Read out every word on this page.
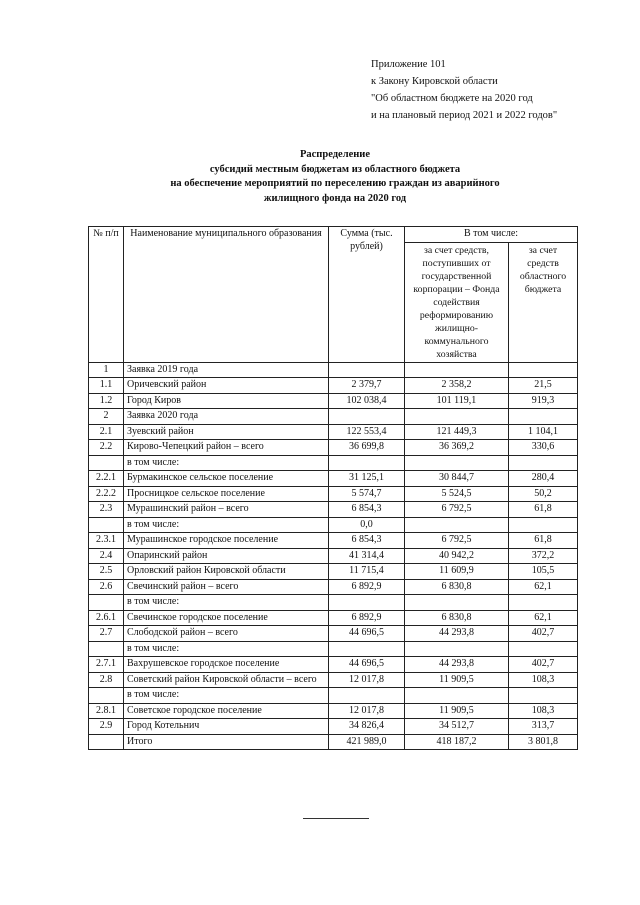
Приложение 101
к Закону Кировской области
"Об областном бюджете на 2020 год
и на плановый период 2021 и 2022 годов"
Распределение
субсидий местным бюджетам из областного бюджета
на обеспечение мероприятий по переселению граждан из аварийного
жилищного фонда на 2020 год
№ п/п	Наименование муниципального образования	Сумма (тыс. рублей)	В том числе:	
			за счет средств, поступивших от государственной корпорации – Фонда содействия реформированию жилищно-коммунального хозяйства	за счет средств областного бюджета
1	Заявка 2019 года			
1.1	Оричевский район	2 379,7	2 358,2	21,5
1.2	Город Киров	102 038,4	101 119,1	919,3
2	Заявка 2020 года			
2.1	Зуевский район	122 553,4	121 449,3	1 104,1
2.2	Кирово-Чепецкий район – всего	36 699,8	36 369,2	330,6
	в том числе:			
2.2.1	Бурмакинское сельское поселение	31 125,1	30 844,7	280,4
2.2.2	Просницкое сельское поселение	5 574,7	5 524,5	50,2
2.3	Мурашинский район – всего	6 854,3	6 792,5	61,8
	в том числе:	0,0		
2.3.1	Мурашинское городское поселение	6 854,3	6 792,5	61,8
2.4	Опаринский район	41 314,4	40 942,2	372,2
2.5	Орловский район Кировской области	11 715,4	11 609,9	105,5
2.6	Свечинский район – всего	6 892,9	6 830,8	62,1
	в том числе:			
2.6.1	Свечинское городское поселение	6 892,9	6 830,8	62,1
2.7	Слободской район – всего	44 696,5	44 293,8	402,7
	в том числе:			
2.7.1	Вахрушевское городское поселение	44 696,5	44 293,8	402,7
2.8	Советский район Кировской области – всего	12 017,8	11 909,5	108,3
	в том числе:			
2.8.1	Советское городское поселение	12 017,8	11 909,5	108,3
2.9	Город Котельнич	34 826,4	34 512,7	313,7
	Итого	421 989,0	418 187,2	3 801,8
